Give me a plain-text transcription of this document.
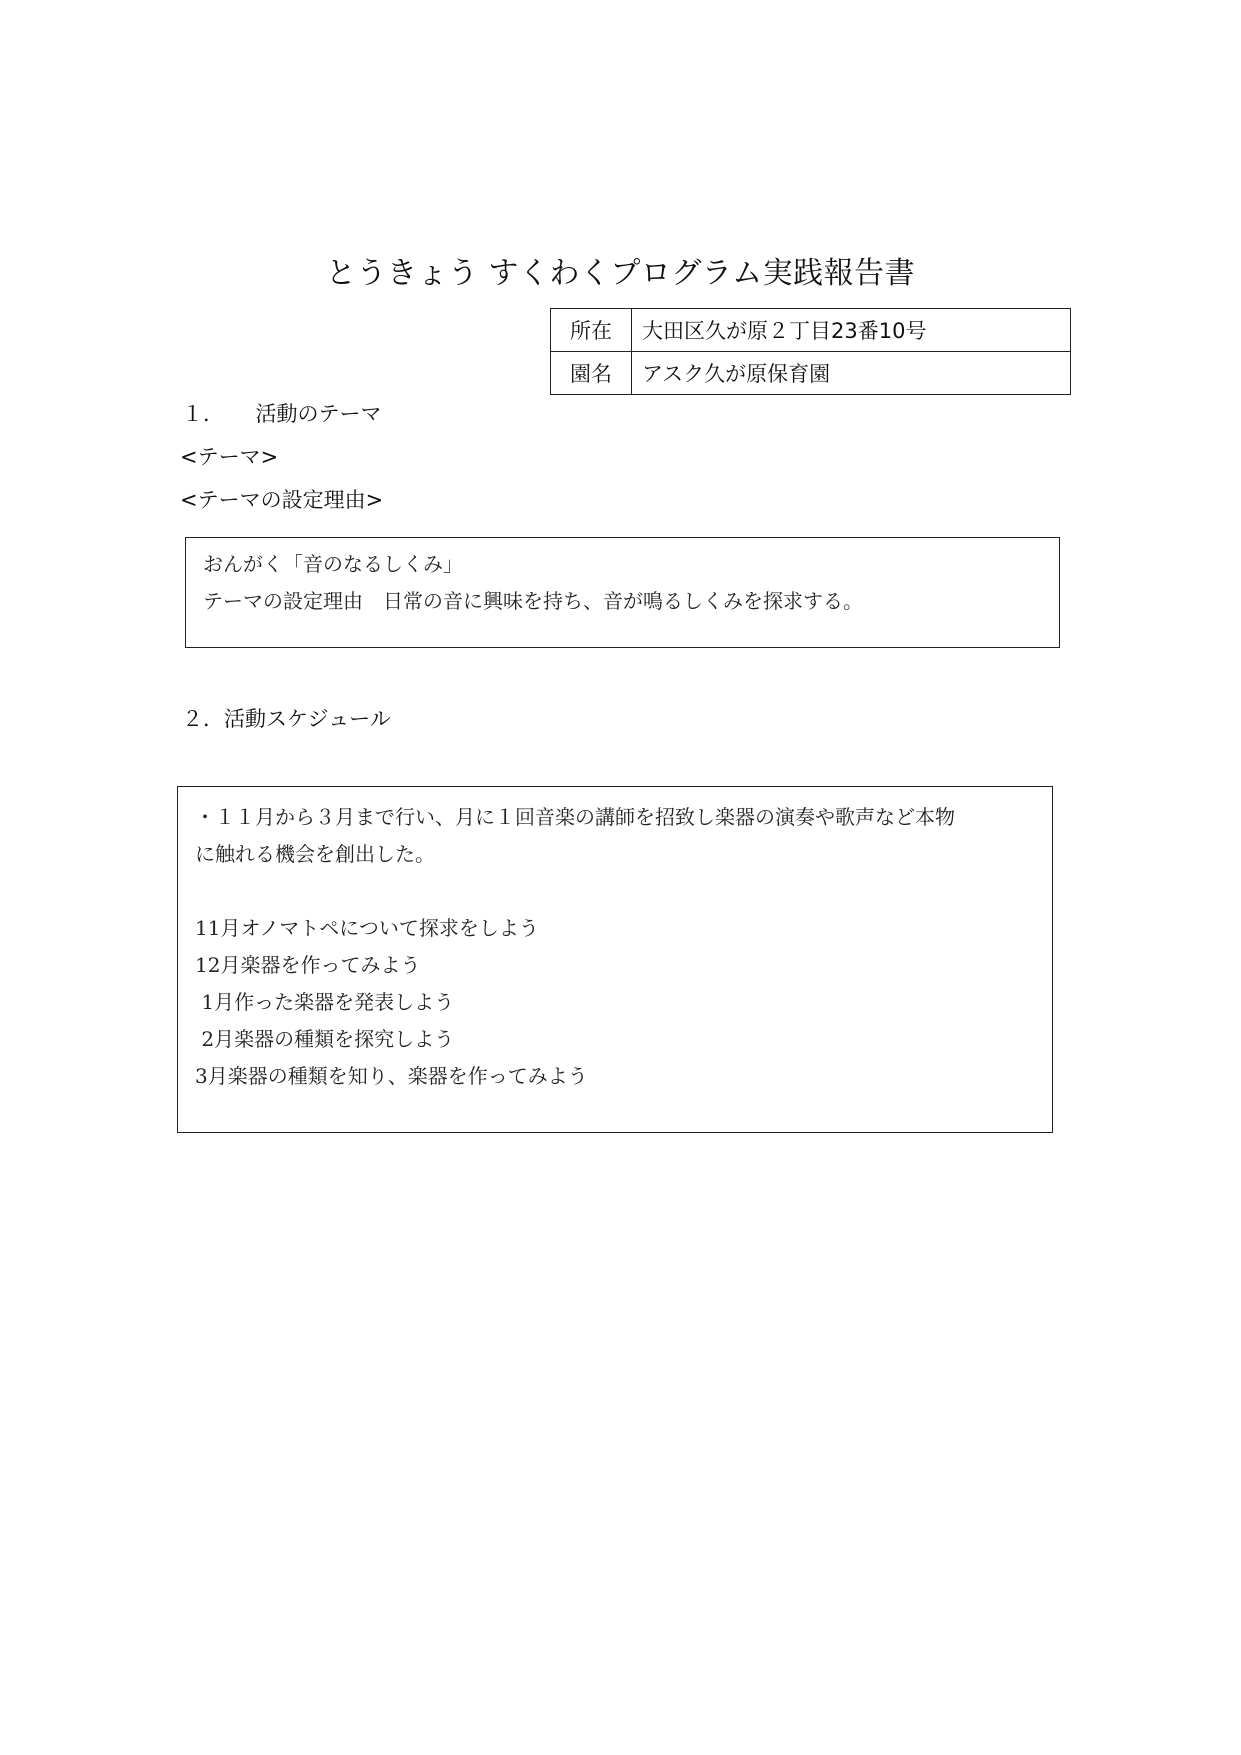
とうきょう すくわくプログラム実践報告書
所在	大田区久が原２丁目23番10号
園名	アスク久が原保育園
１．　　活動のテーマ
<テーマ>
<テーマの設定理由>
おんがく「音のなるしくみ」
テーマの設定理由　日常の音に興味を持ち、音が鳴るしくみを探求する。
２．活動スケジュール
・１１月から３月まで行い、月に１回音楽の講師を招致し楽器の演奏や歌声など本物
に触れる機会を創出した。
11月オノマトペについて探求をしよう
12月楽器を作ってみよう
1月作った楽器を発表しよう
2月楽器の種類を探究しよう
3月楽器の種類を知り、楽器を作ってみよう
